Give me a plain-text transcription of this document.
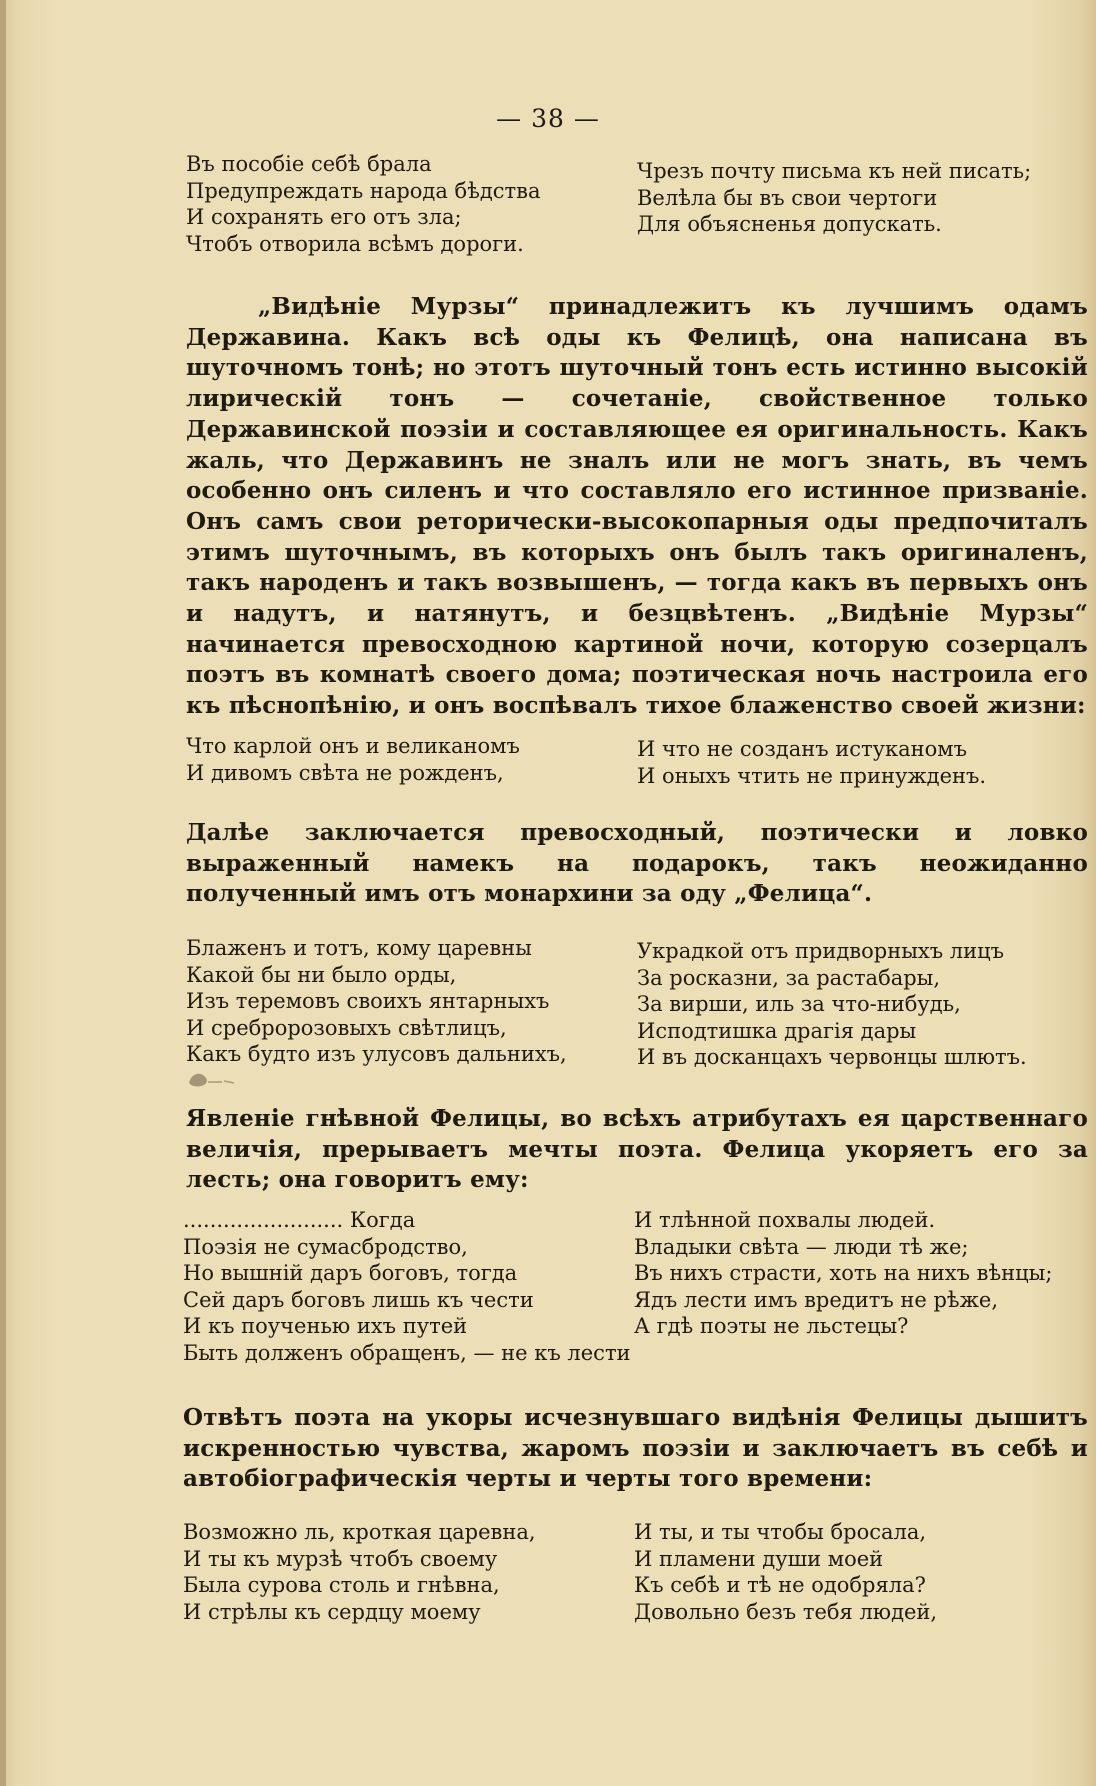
— 38 —
Въ пособіе себѣ брала
Предупреждать народа бѣдства
И сохранять его отъ зла;
Чтобъ отворила всѣмъ дороги.
Чрезъ почту письма къ ней писать;
Велѣла бы въ свои чертоги
Для объясненья допускать.

„Видѣніе Мурзы“ принадлежитъ къ лучшимъ одамъ Державина. Какъ всѣ оды къ Фелицѣ, она написана въ шуточномъ тонѣ; но этотъ шуточный тонъ есть истинно высокій лирическій тонъ — сочетаніе, свойственное только Державинской поэзіи и составляющее ея оригинальность. Какъ жаль, что Державинъ не зналъ или не могъ знать, въ чемъ особенно онъ силенъ и что составляло его истинное призваніе. Онъ самъ свои реторически-высокопарныя оды предпочиталъ этимъ шуточнымъ, въ которыхъ онъ былъ такъ оригиналенъ, такъ народенъ и такъ возвышенъ, — тогда какъ въ первыхъ онъ и надутъ, и натянутъ, и безцвѣтенъ. „Видѣніе Мурзы“ начинается превосходною картиной ночи, которую созерцалъ поэтъ въ комнатѣ своего дома; поэтическая ночь настроила его къ пѣснопѣнію, и онъ воспѣвалъ тихое блаженство своей жизни:

Что карлой онъ и великаномъ
И дивомъ свѣта не рожденъ,
И что не созданъ истуканомъ
И оныхъ чтить не принужденъ.

Далѣе заключается превосходный, поэтически и ловко выраженный намекъ на подарокъ, такъ неожиданно полученный имъ отъ монархини за оду „Фелица“.

Блаженъ и тотъ, кому царевны
Какой бы ни было орды,
Изъ теремовъ своихъ янтарныхъ
И сребророзовыхъ свѣтлицъ,
Какъ будто изъ улусовъ дальнихъ,
Украдкой отъ придворныхъ лицъ
За росказни, за растабары,
За вирши, иль за что-нибудь,
Исподтишка драгія дары
И въ досканцахъ червонцы шлютъ.

Явленіе гнѣвной Фелицы, во всѣхъ атрибутахъ ея царственнаго величія, прерываетъ мечты поэта. Фелица укоряетъ его за лесть; она говоритъ ему:

........................ Когда
Поэзія не сумасбродство,
Но вышній даръ боговъ, тогда
Сей даръ боговъ лишь къ чести
И къ поученью ихъ путей
Быть долженъ обращенъ, — не къ лести
И тлѣнной похвалы людей.
Владыки свѣта — люди тѣ же;
Въ нихъ страсти, хоть на нихъ вѣнцы;
Ядъ лести имъ вредитъ не рѣже,
А гдѣ поэты не льстецы?

Отвѣтъ поэта на укоры исчезнувшаго видѣнія Фелицы дышитъ искренностью чувства, жаромъ поэзіи и заключаетъ въ себѣ и автобіографическія черты и черты того времени:

Возможно ль, кроткая царевна,
И ты къ мурзѣ чтобъ своему
Была сурова столь и гнѣвна,
И стрѣлы къ сердцу моему
И ты, и ты чтобы бросала,
И пламени души моей
Къ себѣ и тѣ не одобряла?
Довольно безъ тебя людей,
